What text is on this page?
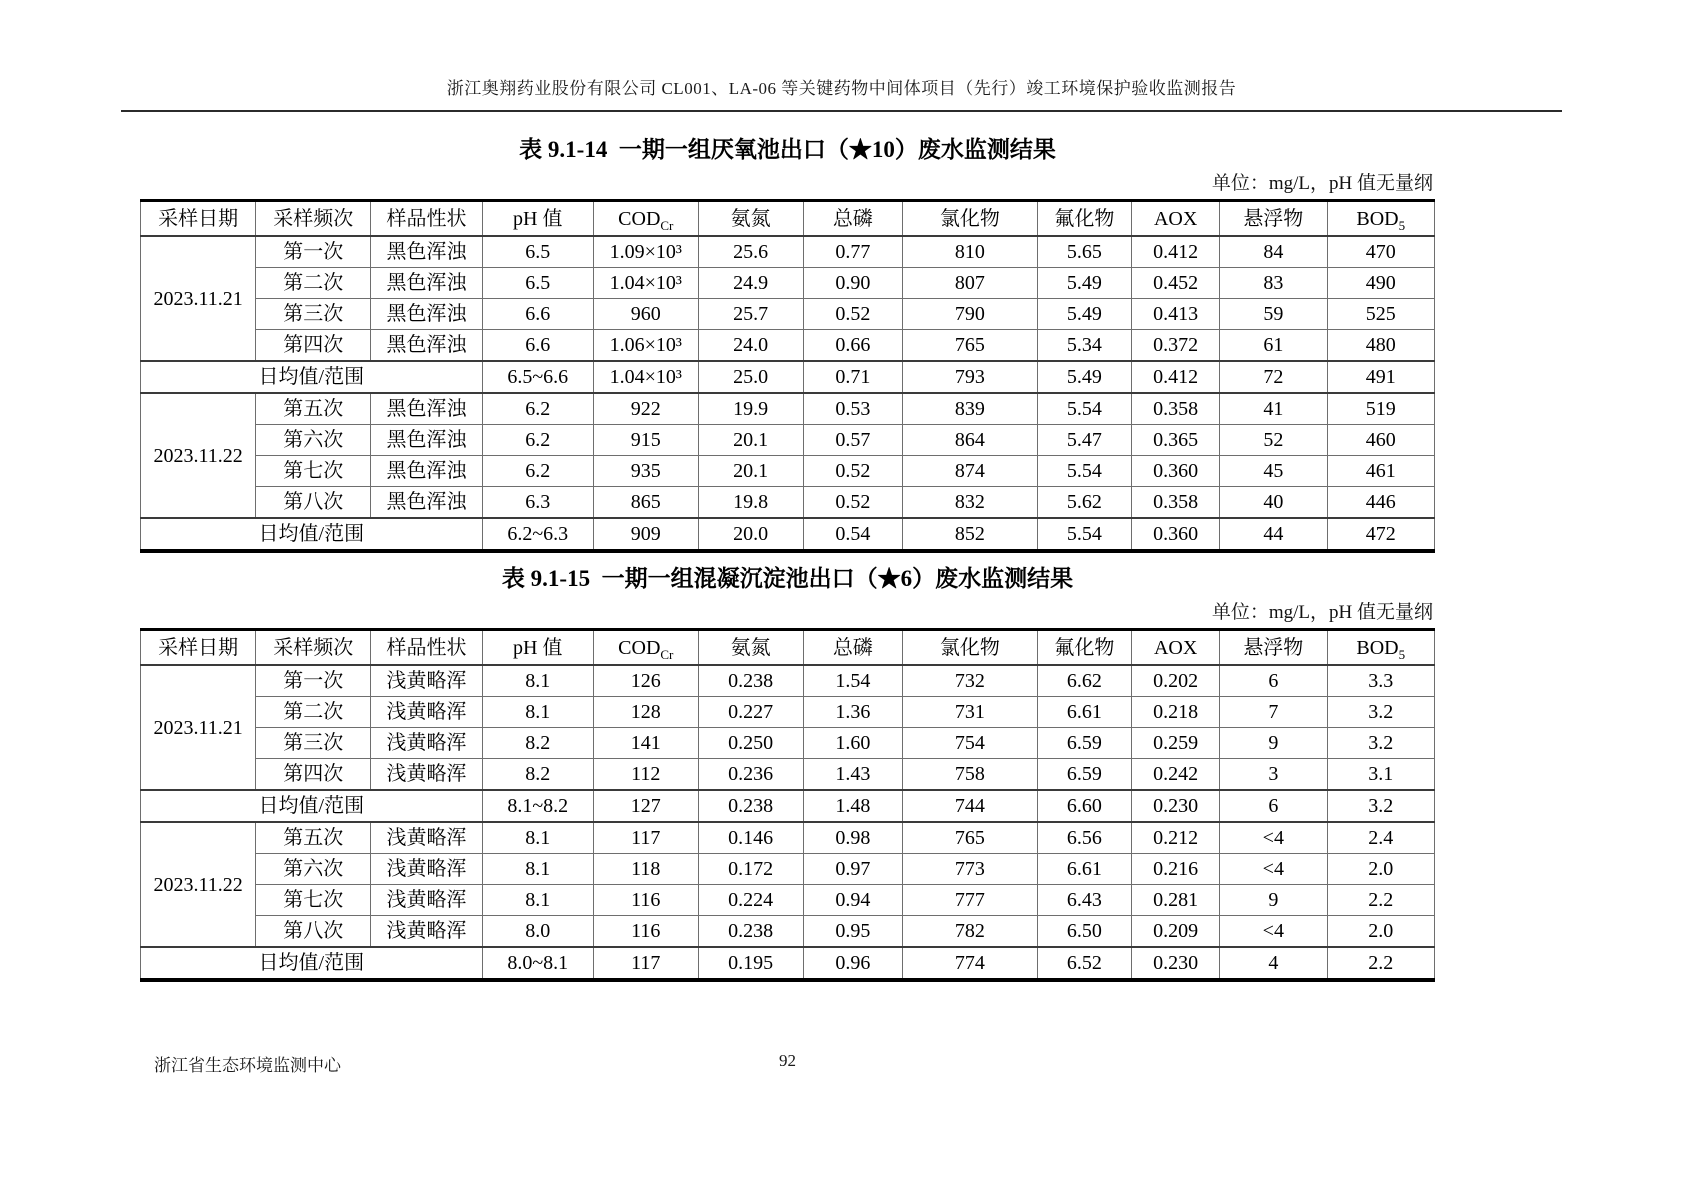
浙江奥翔药业股份有限公司 CL001、LA-06 等关键药物中间体项目（先行）竣工环境保护验收监测报告
表 9.1-14  一期一组厌氧池出口（★10）废水监测结果
单位：mg/L，pH 值无量纲
采样日期	采样频次	样品性状	pH 值	$COD_{Cr}$	氨氮	总磷	氯化物	氟化物	AOX	悬浮物	$BOD_5$
2023.11.21	第一次	黑色浑浊	6.5	1.09×10³	25.6	0.77	810	5.65	0.412	84	470
	第二次	黑色浑浊	6.5	1.04×10³	24.9	0.90	807	5.49	0.452	83	490
	第三次	黑色浑浊	6.6	960	25.7	0.52	790	5.49	0.413	59	525
	第四次	黑色浑浊	6.6	1.06×10³	24.0	0.66	765	5.34	0.372	61	480
日均值/范围			6.5~6.6	1.04×10³	25.0	0.71	793	5.49	0.412	72	491
2023.11.22	第五次	黑色浑浊	6.2	922	19.9	0.53	839	5.54	0.358	41	519
	第六次	黑色浑浊	6.2	915	20.1	0.57	864	5.47	0.365	52	460
	第七次	黑色浑浊	6.2	935	20.1	0.52	874	5.54	0.360	45	461
	第八次	黑色浑浊	6.3	865	19.8	0.52	832	5.62	0.358	40	446
日均值/范围			6.2~6.3	909	20.0	0.54	852	5.54	0.360	44	472
表 9.1-15  一期一组混凝沉淀池出口（★6）废水监测结果
单位：mg/L，pH 值无量纲
采样日期	采样频次	样品性状	pH 值	$COD_{Cr}$	氨氮	总磷	氯化物	氟化物	AOX	悬浮物	$BOD_5$
2023.11.21	第一次	浅黄略浑	8.1	126	0.238	1.54	732	6.62	0.202	6	3.3
	第二次	浅黄略浑	8.1	128	0.227	1.36	731	6.61	0.218	7	3.2
	第三次	浅黄略浑	8.2	141	0.250	1.60	754	6.59	0.259	9	3.2
	第四次	浅黄略浑	8.2	112	0.236	1.43	758	6.59	0.242	3	3.1
日均值/范围			8.1~8.2	127	0.238	1.48	744	6.60	0.230	6	3.2
2023.11.22	第五次	浅黄略浑	8.1	117	0.146	0.98	765	6.56	0.212	<4	2.4
	第六次	浅黄略浑	8.1	118	0.172	0.97	773	6.61	0.216	<4	2.0
	第七次	浅黄略浑	8.1	116	0.224	0.94	777	6.43	0.281	9	2.2
	第八次	浅黄略浑	8.0	116	0.238	0.95	782	6.50	0.209	<4	2.0
日均值/范围			8.0~8.1	117	0.195	0.96	774	6.52	0.230	4	2.2
浙江省生态环境监测中心	92
